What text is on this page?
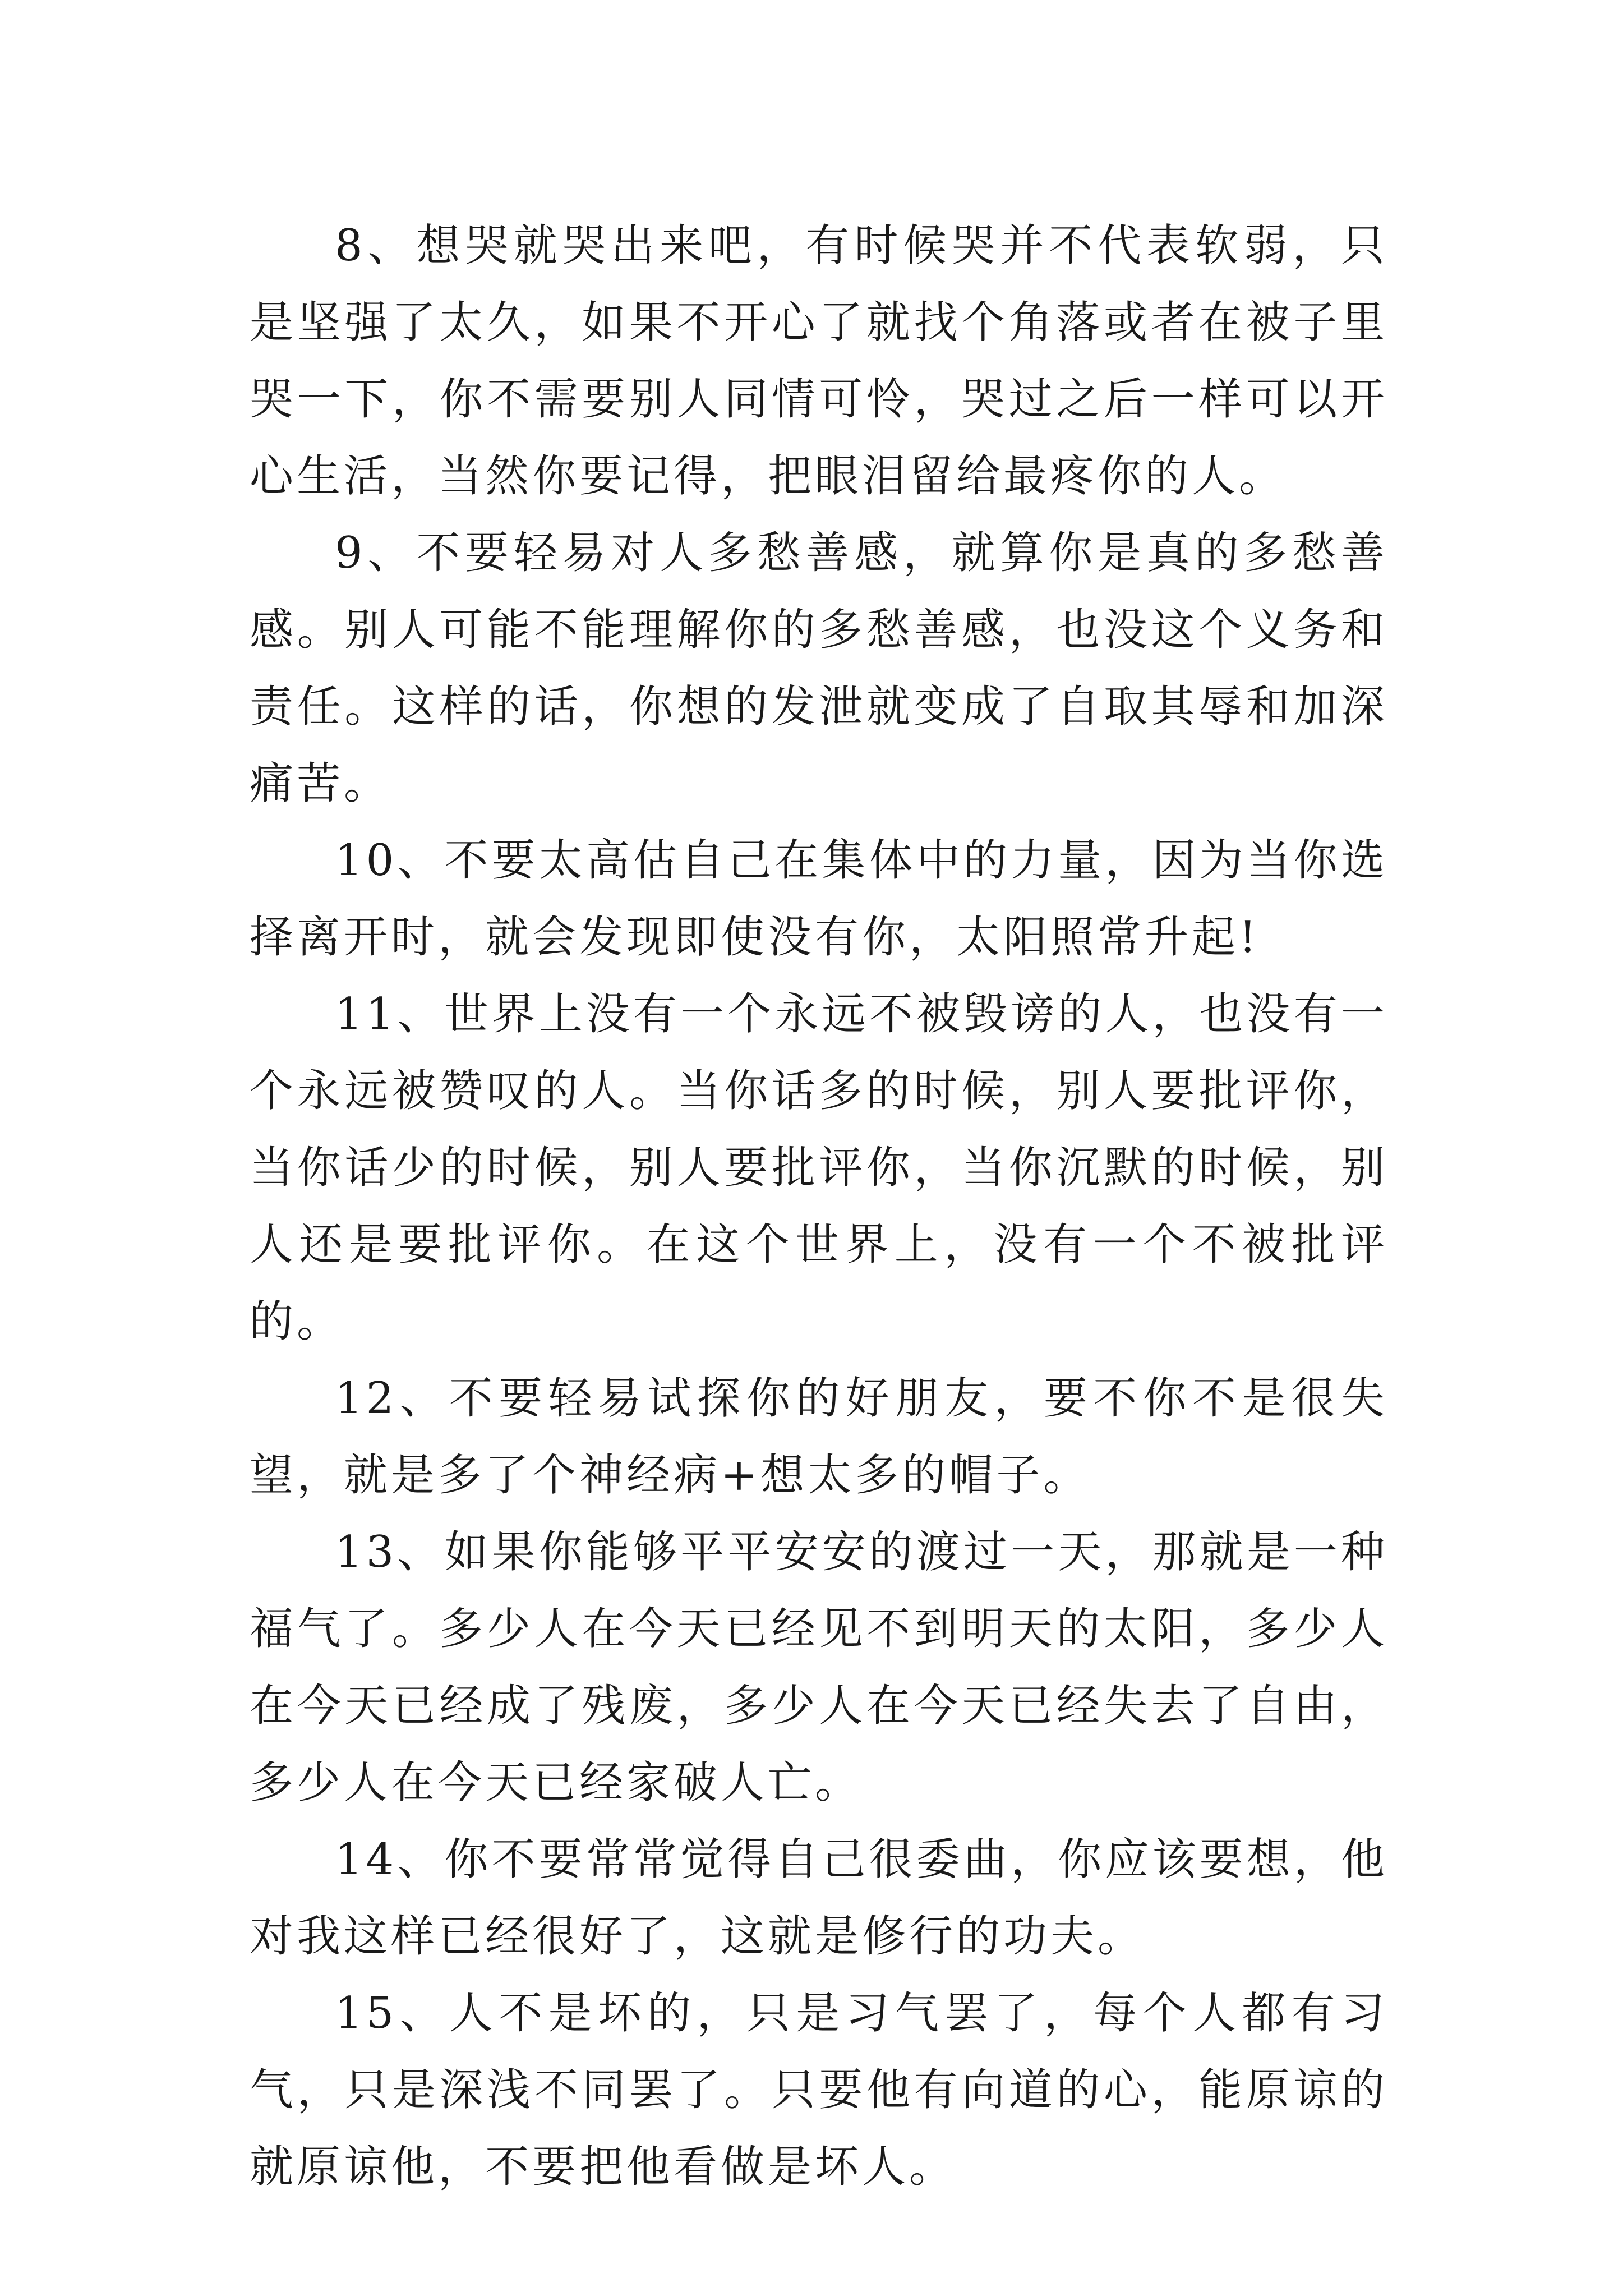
8、想哭就哭出来吧，有时候哭并不代表软弱，只是坚强了太久，如果不开心了就找个角落或者在被子里哭一下，你不需要别人同情可怜，哭过之后一样可以开心生活，当然你要记得，把眼泪留给最疼你的人。

9、不要轻易对人多愁善感，就算你是真的多愁善感。别人可能不能理解你的多愁善感，也没这个义务和责任。这样的话，你想的发泄就变成了自取其辱和加深痛苦。

10、不要太高估自己在集体中的力量，因为当你选择离开时，就会发现即使没有你，太阳照常升起!

11、世界上没有一个永远不被毁谤的人，也没有一个永远被赞叹的人。当你话多的时候，别人要批评你，当你话少的时候，别人要批评你，当你沉默的时候，别人还是要批评你。在这个世界上，没有一个不被批评的。

12、不要轻易试探你的好朋友，要不你不是很失望，就是多了个神经病+想太多的帽子。

13、如果你能够平平安安的渡过一天，那就是一种福气了。多少人在今天已经见不到明天的太阳，多少人在今天已经成了残废，多少人在今天已经失去了自由，多少人在今天已经家破人亡。

14、你不要常常觉得自己很委曲，你应该要想，他对我这样已经很好了，这就是修行的功夫。

15、人不是坏的，只是习气罢了，每个人都有习气，只是深浅不同罢了。只要他有向道的心，能原谅的就原谅他，不要把他看做是坏人。
